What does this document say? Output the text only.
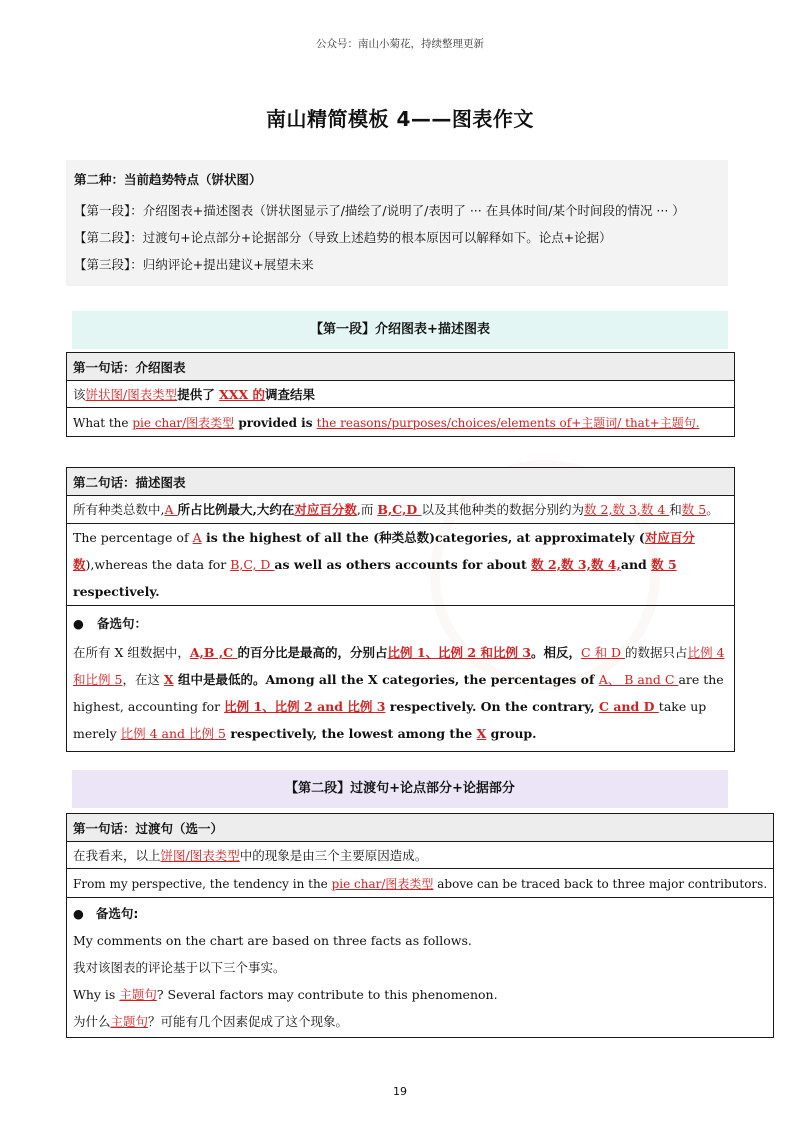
公众号：南山小菊花，持续整理更新
南山精简模板 4——图表作文
第二种：当前趋势特点（饼状图）
【第一段】：介绍图表+描述图表（饼状图显示了/描绘了/说明了/表明了 ··· 在具体时间/某个时间段的情况 ··· ）
【第二段】：过渡句+论点部分+论据部分（导致上述趋势的根本原因可以解释如下。论点+论据）
【第三段】：归纳评论+提出建议+展望未来
【第一段】介绍图表+描述图表
第一句话：介绍图表
该饼状图/图表类型提供了 XXX 的调查结果
What the pie char/图表类型 provided is the reasons/purposes/choices/elements of+主题词/ that+主题句.
第二句话：描述图表
所有种类总数中,A 所占比例最大,大约在对应百分数,而 B,C,D 以及其他种类的数据分别约为数 2,数 3,数 4 和数 5。
The percentage of A is the highest of all the (种类总数)categories, at approximately (对应百分数),whereas the data for B,C, D as well as others accounts for about 数 2,数 3,数 4,and 数 5 respectively.

● 备选句：
在所有 X 组数据中，A,B ,C 的百分比是最高的，分别占比例 1、比例 2 和比例 3。相反，C 和 D 的数据只占比例 4 和比例 5，在这 X 组中是最低的。Among all the X categories, the percentages of A、 B and C are the highest, accounting for 比例 1、比例 2 and 比例 3 respectively. On the contrary, C and D take up merely 比例 4 and 比例 5 respectively, the lowest among the X group.
【第二段】过渡句+论点部分+论据部分
第一句话：过渡句（选一）
在我看来，以上饼图/图表类型中的现象是由三个主要原因造成。
From my perspective, the tendency in the pie char/图表类型 above can be traced back to three major contributors.

● 备选句:
My comments on the chart are based on three facts as follows.
我对该图表的评论基于以下三个事实。
Why is 主题句? Several factors may contribute to this phenomenon.
为什么主题句？可能有几个因素促成了这个现象。
19
